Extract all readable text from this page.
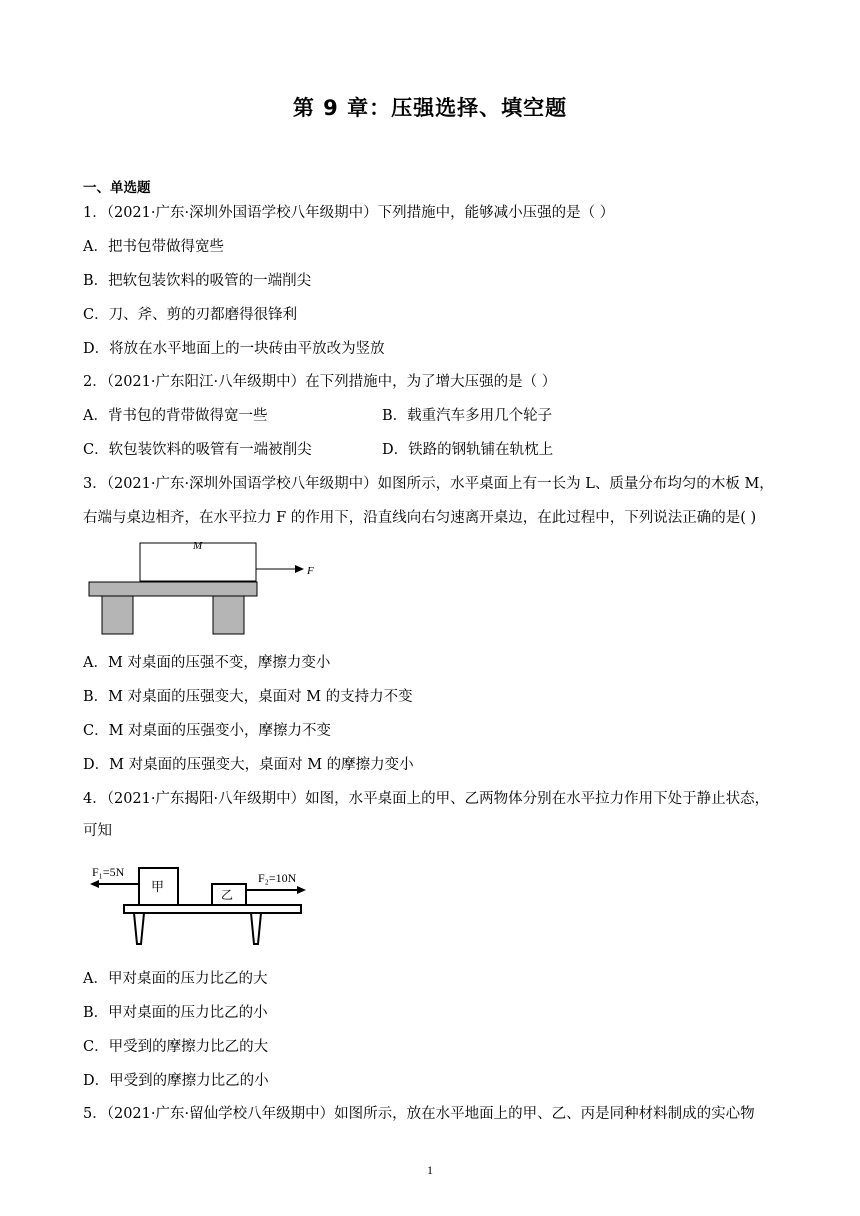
第 9 章：压强选择、填空题
一、单选题
1．（2021·广东·深圳外国语学校八年级期中）下列措施中，能够减小压强的是（ ）
A．把书包带做得宽些
B．把软包装饮料的吸管的一端削尖
C．刀、斧、剪的刃都磨得很锋利
D．将放在水平地面上的一块砖由平放改为竖放
2．（2021·广东阳江·八年级期中）在下列措施中，为了增大压强的是（ ）
A．背书包的背带做得宽一些	B．载重汽车多用几个轮子
C．软包装饮料的吸管有一端被削尖	D．铁路的钢轨铺在轨枕上
3．（2021·广东·深圳外国语学校八年级期中）如图所示，水平桌面上有一长为 L、质量分布均匀的木板 M，
右端与桌边相齐，在水平拉力 F 的作用下，沿直线向右匀速离开桌边，在此过程中，下列说法正确的是( )
M
F
A．M 对桌面的压强不变，摩擦力变小
B．M 对桌面的压强变大，桌面对 M 的支持力不变
C．M 对桌面的压强变小，摩擦力不变
D．M 对桌面的压强变大，桌面对 M 的摩擦力变小
4．（2021·广东揭阳·八年级期中）如图，水平桌面上的甲、乙两物体分别在水平拉力作用下处于静止状态，
可知
F₁=5N
甲	乙
F₂=10N
A．甲对桌面的压力比乙的大
B．甲对桌面的压力比乙的小
C．甲受到的摩擦力比乙的大
D．甲受到的摩擦力比乙的小
5．（2021·广东·留仙学校八年级期中）如图所示，放在水平地面上的甲、乙、丙是同种材料制成的实心物
1
